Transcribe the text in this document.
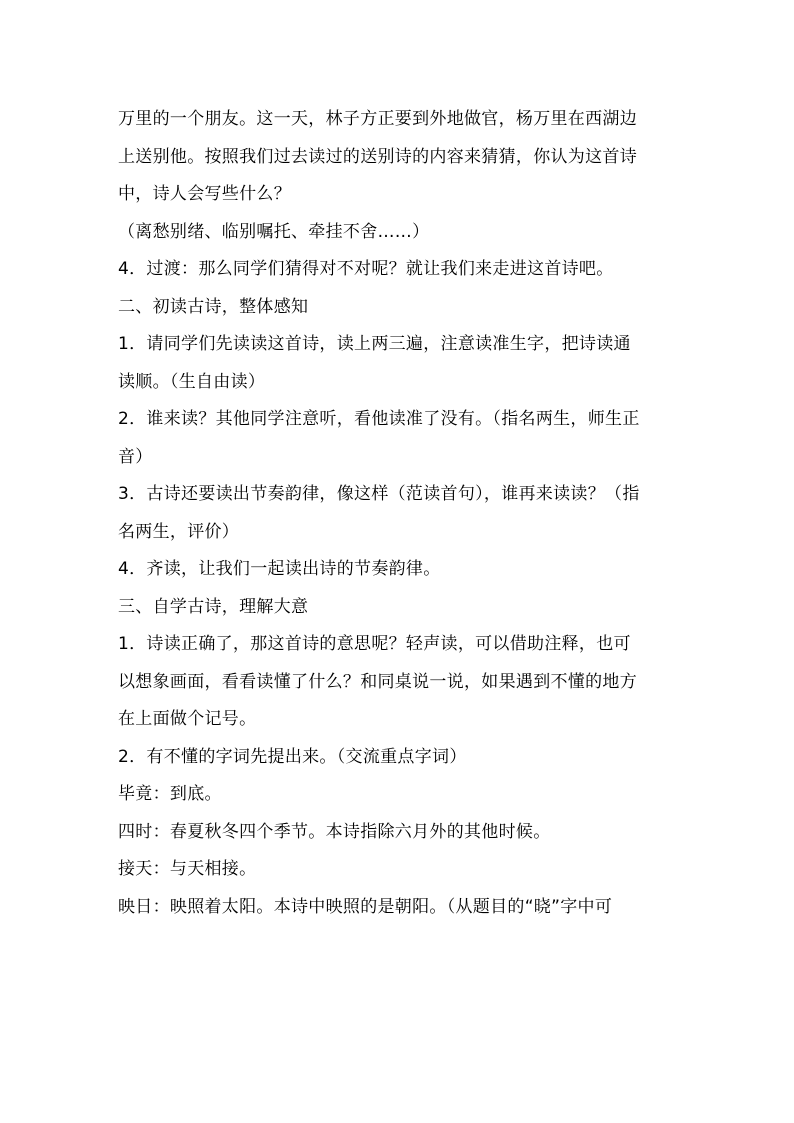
万里的一个朋友。这一天，林子方正要到外地做官，杨万里在西湖边
上送别他。按照我们过去读过的送别诗的内容来猜猜，你认为这首诗
中，诗人会写些什么？
（离愁别绪、临别嘱托、牵挂不舍……）
4．过渡：那么同学们猜得对不对呢？就让我们来走进这首诗吧。
二、初读古诗，整体感知
1．请同学们先读读这首诗，读上两三遍，注意读准生字，把诗读通
读顺。（生自由读）
2．谁来读？其他同学注意听，看他读准了没有。（指名两生，师生正
音）
3．古诗还要读出节奏韵律，像这样（范读首句），谁再来读读？（指
名两生，评价）
4．齐读，让我们一起读出诗的节奏韵律。
三、自学古诗，理解大意
1．诗读正确了，那这首诗的意思呢？轻声读，可以借助注释，也可
以想象画面，看看读懂了什么？和同桌说一说，如果遇到不懂的地方
在上面做个记号。
2．有不懂的字词先提出来。（交流重点字词）
毕竟：到底。
四时：春夏秋冬四个季节。本诗指除六月外的其他时候。
接天：与天相接。
映日：映照着太阳。本诗中映照的是朝阳。（从题目的“晓”字中可
